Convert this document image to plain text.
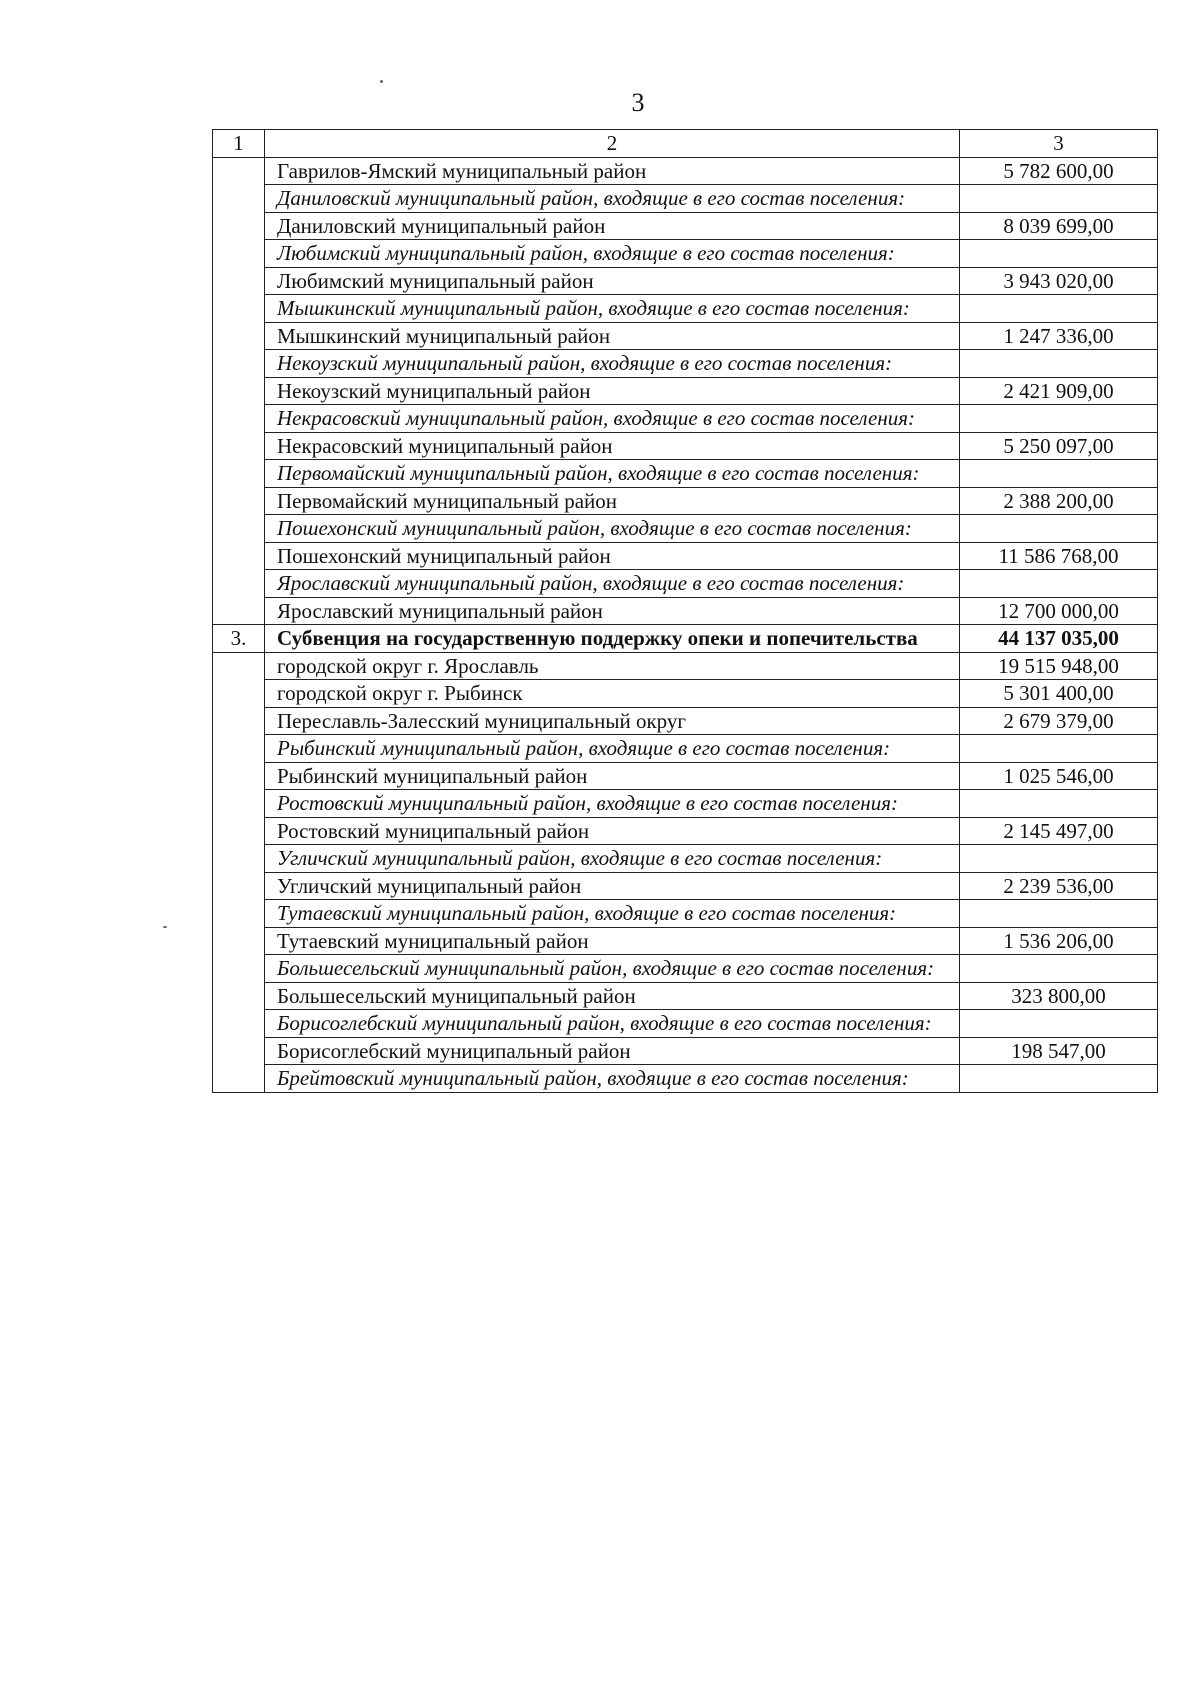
3
1	2	3
	Гаврилов-Ямский муниципальный район	5 782 600,00
	Даниловский муниципальный район, входящие в его состав поселения:	
	Даниловский муниципальный район	8 039 699,00
	Любимский муниципальный район, входящие в его состав поселения:	
	Любимский муниципальный район	3 943 020,00
	Мышкинский муниципальный район, входящие в его состав поселения:	
	Мышкинский муниципальный район	1 247 336,00
	Некоузский муниципальный район, входящие в его состав поселения:	
	Некоузский муниципальный район	2 421 909,00
	Некрасовский муниципальный район, входящие в его состав поселения:	
	Некрасовский муниципальный район	5 250 097,00
	Первомайский муниципальный район, входящие в его состав поселения:	
	Первомайский муниципальный район	2 388 200,00
	Пошехонский муниципальный район, входящие в его состав поселения:	
	Пошехонский муниципальный район	11 586 768,00
	Ярославский муниципальный район, входящие в его состав поселения:	
	Ярославский муниципальный район	12 700 000,00
3.	Субвенция на государственную поддержку опеки и попечительства	44 137 035,00
	городской округ г. Ярославль	19 515 948,00
	городской округ г. Рыбинск	5 301 400,00
	Переславль-Залесский муниципальный округ	2 679 379,00
	Рыбинский муниципальный район, входящие в его состав поселения:	
	Рыбинский муниципальный район	1 025 546,00
	Ростовский муниципальный район, входящие в его состав поселения:	
	Ростовский муниципальный район	2 145 497,00
	Угличский муниципальный район, входящие в его состав поселения:	
	Угличский муниципальный район	2 239 536,00
	Тутаевский муниципальный район, входящие в его состав поселения:	
	Тутаевский муниципальный район	1 536 206,00
	Большесельский муниципальный район, входящие в его состав поселения:	
	Большесельский муниципальный район	323 800,00
	Борисоглебский муниципальный район, входящие в его состав поселения:	
	Борисоглебский муниципальный район	198 547,00
	Брейтовский муниципальный район, входящие в его состав поселения:	
